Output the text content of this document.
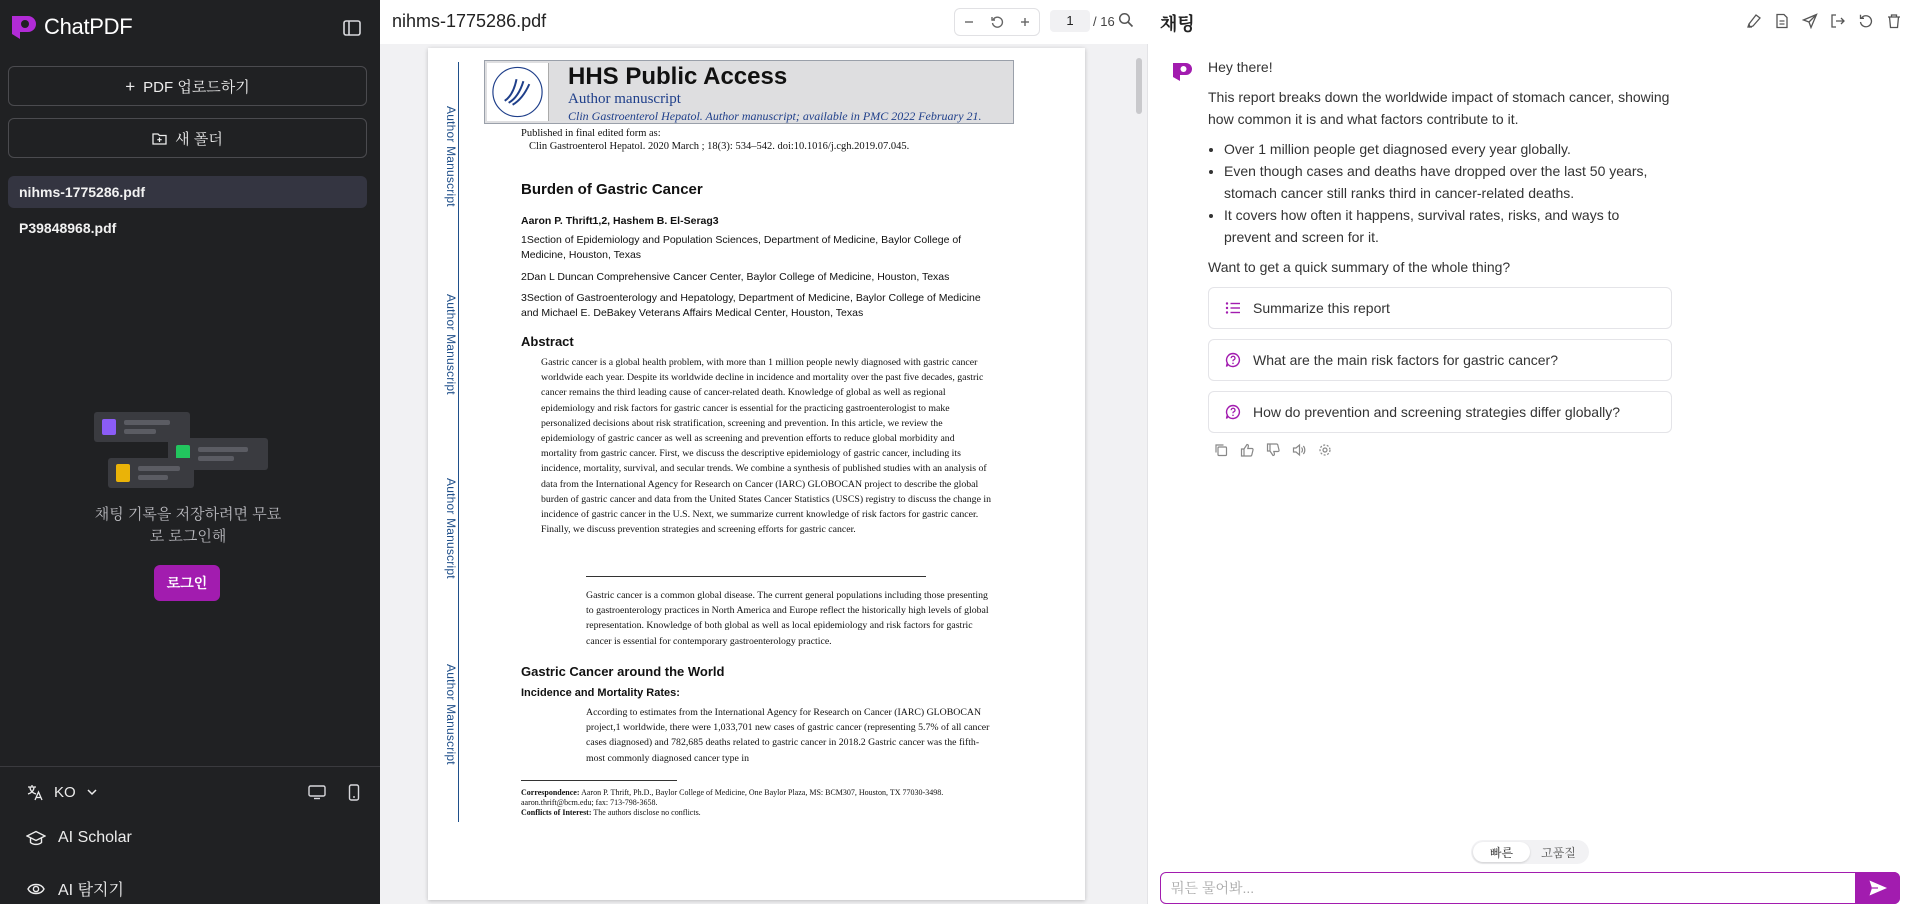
ChatPDF
+ PDF 업로드하기
새 폴더
nihms-1775286.pdf
P39848968.pdf
채팅 기록을 저장하려면 무료로 로그인해
로그인
KO
AI Scholar
AI 탐지기
nihms-1775286.pdf	1	/ 16
Author Manuscript
Author Manuscript
Author Manuscript
Author Manuscript
HHS Public Access
Author manuscript
Clin Gastroenterol Hepatol. Author manuscript; available in PMC 2022 February 21.
Published in final edited form as:
Clin Gastroenterol Hepatol. 2020 March ; 18(3): 534–542. doi:10.1016/j.cgh.2019.07.045.
Burden of Gastric Cancer
Aaron P. Thrift1,2, Hashem B. El-Serag3
1Section of Epidemiology and Population Sciences, Department of Medicine, Baylor College of Medicine, Houston, Texas
2Dan L Duncan Comprehensive Cancer Center, Baylor College of Medicine, Houston, Texas
3Section of Gastroenterology and Hepatology, Department of Medicine, Baylor College of Medicine and Michael E. DeBakey Veterans Affairs Medical Center, Houston, Texas
Abstract
Gastric cancer is a global health problem, with more than 1 million people newly diagnosed with gastric cancer worldwide each year. Despite its worldwide decline in incidence and mortality over the past five decades, gastric cancer remains the third leading cause of cancer-related death. Knowledge of global as well as regional epidemiology and risk factors for gastric cancer is essential for the practicing gastroenterologist to make personalized decisions about risk stratification, screening and prevention. In this article, we review the epidemiology of gastric cancer as well as screening and prevention efforts to reduce global morbidity and mortality from gastric cancer. First, we discuss the descriptive epidemiology of gastric cancer, including its incidence, mortality, survival, and secular trends. We combine a synthesis of published studies with an analysis of data from the International Agency for Research on Cancer (IARC) GLOBOCAN project to describe the global burden of gastric cancer and data from the United States Cancer Statistics (USCS) registry to discuss the change in incidence of gastric cancer in the U.S. Next, we summarize current knowledge of risk factors for gastric cancer. Finally, we discuss prevention strategies and screening efforts for gastric cancer.
Gastric cancer is a common global disease. The current general populations including those presenting to gastroenterology practices in North America and Europe reflect the historically high levels of global representation. Knowledge of both global as well as local epidemiology and risk factors for gastric cancer is essential for contemporary gastroenterology practice.
Gastric Cancer around the World
Incidence and Mortality Rates:
According to estimates from the International Agency for Research on Cancer (IARC) GLOBOCAN project,1 worldwide, there were 1,033,701 new cases of gastric cancer (representing 5.7% of all cancer cases diagnosed) and 782,685 deaths related to gastric cancer in 2018.2 Gastric cancer was the fifth-most commonly diagnosed cancer type in
Correspondence: Aaron P. Thrift, Ph.D., Baylor College of Medicine, One Baylor Plaza, MS: BCM307, Houston, TX 77030-3498. aaron.thrift@bcm.edu; fax: 713-798-3658.
Conflicts of Interest: The authors disclose no conflicts.
채팅
Hey there!
This report breaks down the worldwide impact of stomach cancer, showing how common it is and what factors contribute to it.
• Over 1 million people get diagnosed every year globally.
• Even though cases and deaths have dropped over the last 50 years, stomach cancer still ranks third in cancer-related deaths.
• It covers how often it happens, survival rates, risks, and ways to prevent and screen for it.
Want to get a quick summary of the whole thing?
Summarize this report
What are the main risk factors for gastric cancer?
How do prevention and screening strategies differ globally?
빠른	고품질
뭐든 물어봐...
